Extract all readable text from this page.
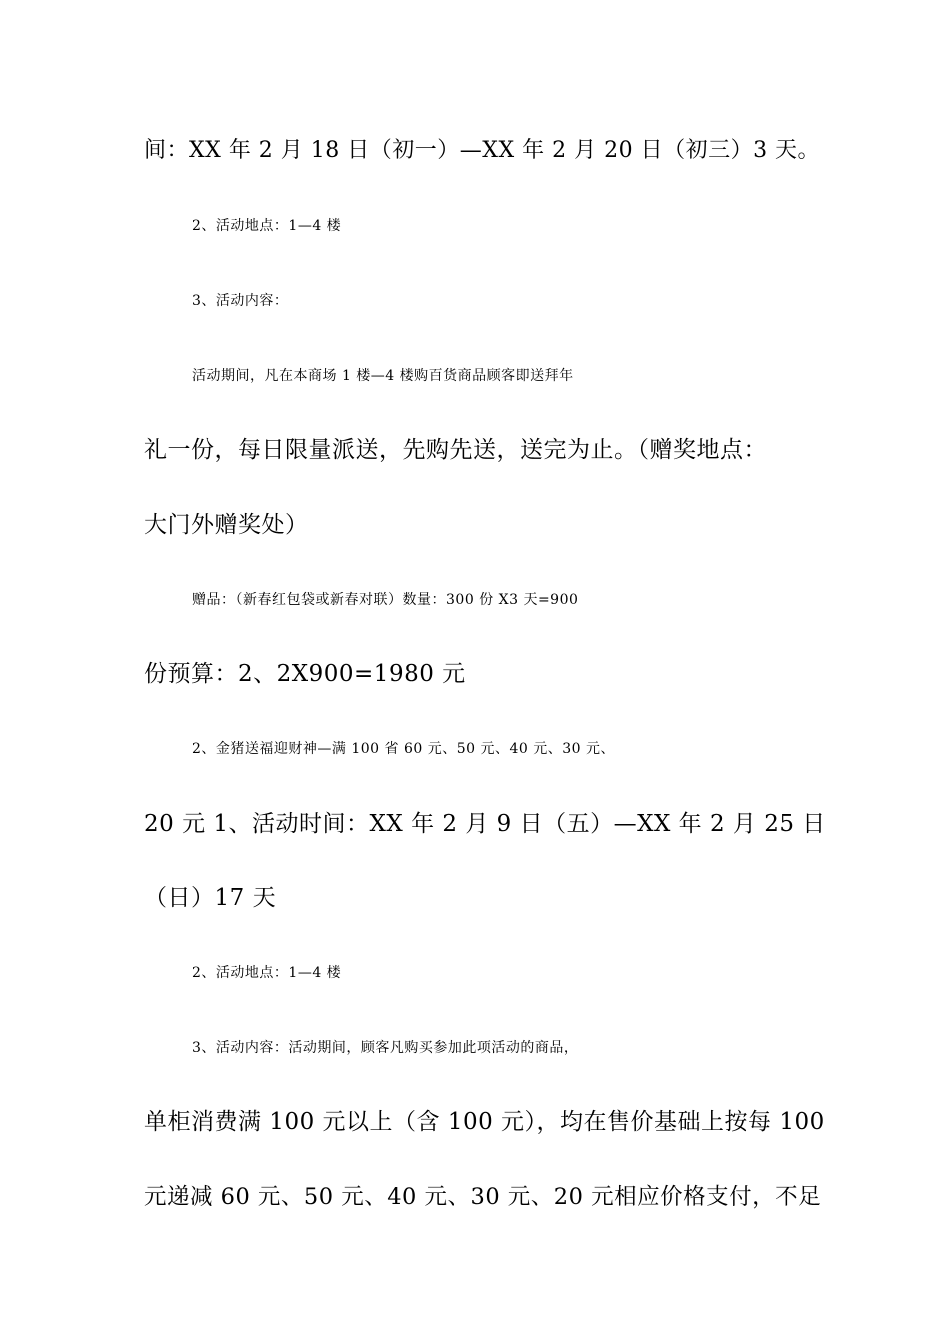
间：XX 年 2 月 18 日（初一）—XX 年 2 月 20 日（初三）3 天。
2、活动地点：1—4 楼
3、活动内容：
活动期间，凡在本商场 1 楼—4 楼购百货商品顾客即送拜年
礼一份，每日限量派送，先购先送，送完为止。（赠奖地点：
大门外赠奖处）
赠品：（新春红包袋或新春对联）数量：300 份 X3 天=900
份预算：2、2X900=1980 元
2、金猪送福迎财神—满 100 省 60 元、50 元、40 元、30 元、
20 元 1、活动时间：XX 年 2 月 9 日（五）—XX 年 2 月 25 日
（日）17 天
2、活动地点：1—4 楼
3、活动内容：活动期间，顾客凡购买参加此项活动的商品，
单柜消费满 100 元以上（含 100 元），均在售价基础上按每 100
元递减 60 元、50 元、40 元、30 元、20 元相应价格支付，不足
